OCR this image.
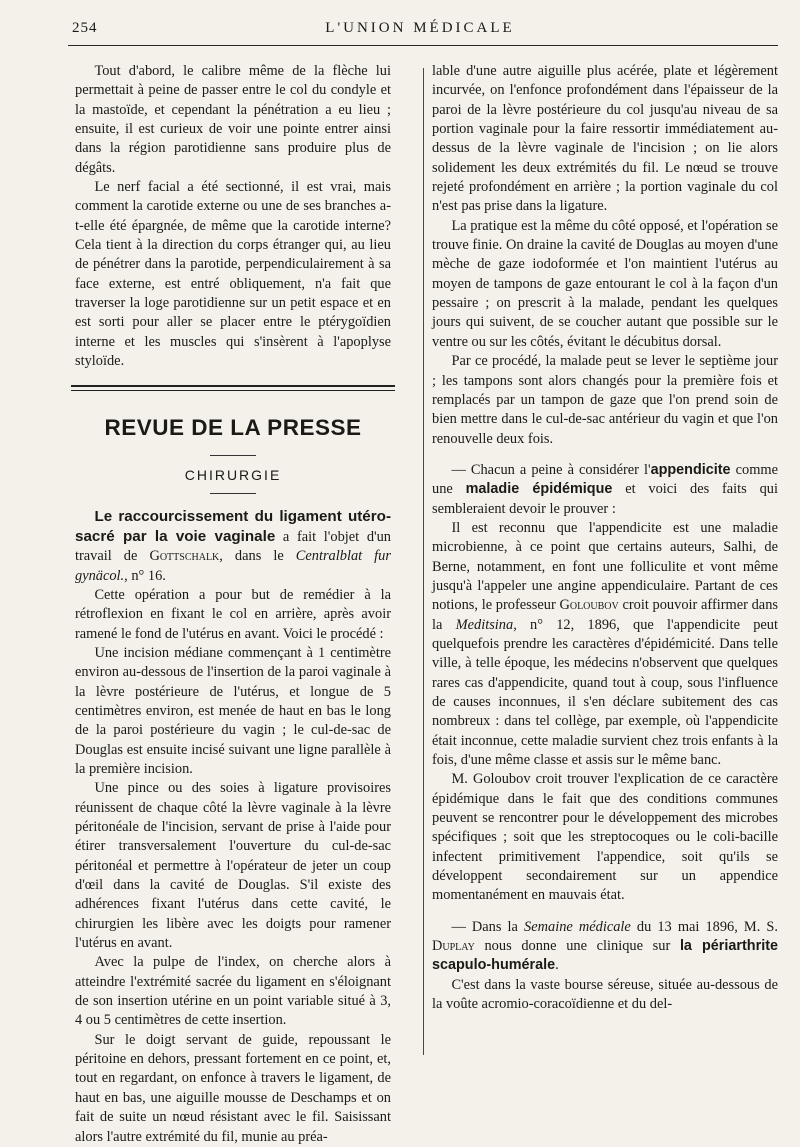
254	L'UNION MÉDICALE

Tout d'abord, le calibre même de la flèche lui permettait à peine de passer entre le col du condyle et la mastoïde, et cependant la pénétration a eu lieu ; ensuite, il est curieux de voir une pointe entrer ainsi dans la région parotidienne sans produire plus de dégâts.

Le nerf facial a été sectionné, il est vrai, mais comment la carotide externe ou une de ses branches a-t-elle été épargnée, de même que la carotide interne? Cela tient à la direction du corps étranger qui, au lieu de pénétrer dans la parotide, perpendiculairement à sa face externe, est entré obliquement, n'a fait que traverser la loge parotidienne sur un petit espace et en est sorti pour aller se placer entre le ptérygoïdien interne et les muscles qui s'insèrent à l'apoplyse styloïde.

REVUE DE LA PRESSE
CHIRURGIE

Le raccourcissement du ligament utéro-sacré par la voie vaginale a fait l'objet d'un travail de Gottschalk, dans le Centralblat fur gynäcol., n° 16.

Cette opération a pour but de remédier à la rétroflexion en fixant le col en arrière, après avoir ramené le fond de l'utérus en avant. Voici le procédé :

Une incision médiane commençant à 1 centimètre environ au-dessous de l'insertion de la paroi vaginale à la lèvre postérieure de l'utérus, et longue de 5 centimètres environ, est menée de haut en bas le long de la paroi postérieure du vagin ; le cul-de-sac de Douglas est ensuite incisé suivant une ligne parallèle à la première incision.

Une pince ou des soies à ligature provisoires réunissent de chaque côté la lèvre vaginale à la lèvre péritonéale de l'incision, servant de prise à l'aide pour étirer transversalement l'ouverture du cul-de-sac péritonéal et permettre à l'opérateur de jeter un coup d'œil dans la cavité de Douglas. S'il existe des adhérences fixant l'utérus dans cette cavité, le chirurgien les libère avec les doigts pour ramener l'utérus en avant.

Avec la pulpe de l'index, on cherche alors à atteindre l'extrémité sacrée du ligament en s'éloignant de son insertion utérine en un point variable situé à 3, 4 ou 5 centimètres de cette insertion.

Sur le doigt servant de guide, repoussant le péritoine en dehors, pressant fortement en ce point, et, tout en regardant, on enfonce à travers le ligament, de haut en bas, une aiguille mousse de Deschamps et on fait de suite un nœud résistant avec le fil. Saisissant alors l'autre extrémité du fil, munie au préa-

lable d'une autre aiguille plus acérée, plate et légèrement incurvée, on l'enfonce profondément dans l'épaisseur de la paroi de la lèvre postérieure du col jusqu'au niveau de sa portion vaginale pour la faire ressortir immédiatement au-dessus de la lèvre vaginale de l'incision ; on lie alors solidement les deux extrémités du fil. Le nœud se trouve rejeté profondément en arrière ; la portion vaginale du col n'est pas prise dans la ligature.

La pratique est la même du côté opposé, et l'opération se trouve finie. On draine la cavité de Douglas au moyen d'une mèche de gaze iodoformée et l'on maintient l'utérus au moyen de tampons de gaze entourant le col à la façon d'un pessaire ; on prescrit à la malade, pendant les quelques jours qui suivent, de se coucher autant que possible sur le ventre ou sur les côtés, évitant le décubitus dorsal.

Par ce procédé, la malade peut se lever le septième jour ; les tampons sont alors changés pour la première fois et remplacés par un tampon de gaze que l'on prend soin de bien mettre dans le cul-de-sac antérieur du vagin et que l'on renouvelle deux fois.

— Chacun a peine à considérer l'appendicite comme une maladie épidémique et voici des faits qui sembleraient devoir le prouver :

Il est reconnu que l'appendicite est une maladie microbienne, à ce point que certains auteurs, Salhi, de Berne, notamment, en font une folliculite et vont même jusqu'à l'appeler une angine appendiculaire. Partant de ces notions, le professeur Goloubov croit pouvoir affirmer dans la Meditsina, n° 12, 1896, que l'appendicite peut quelquefois prendre les caractères d'épidémicité. Dans telle ville, à telle époque, les médecins n'observent que quelques rares cas d'appendicite, quand tout à coup, sous l'influence de causes inconnues, il s'en déclare subitement des cas nombreux : dans tel collège, par exemple, où l'appendicite était inconnue, cette maladie survient chez trois enfants à la fois, d'une même classe et assis sur le même banc.

M. Goloubov croit trouver l'explication de ce caractère épidémique dans le fait que des conditions communes peuvent se rencontrer pour le développement des microbes spécifiques ; soit que les streptocoques ou le coli-bacille infectent primitivement l'appendice, soit qu'ils se développent secondairement sur un appendice momentanément en mauvais état.

— Dans la Semaine médicale du 13 mai 1896, M. S. Duplay nous donne une clinique sur la périarthrite scapulo-humérale.

C'est dans la vaste bourse séreuse, située au-dessous de la voûte acromio-coracoïdienne et du del-
